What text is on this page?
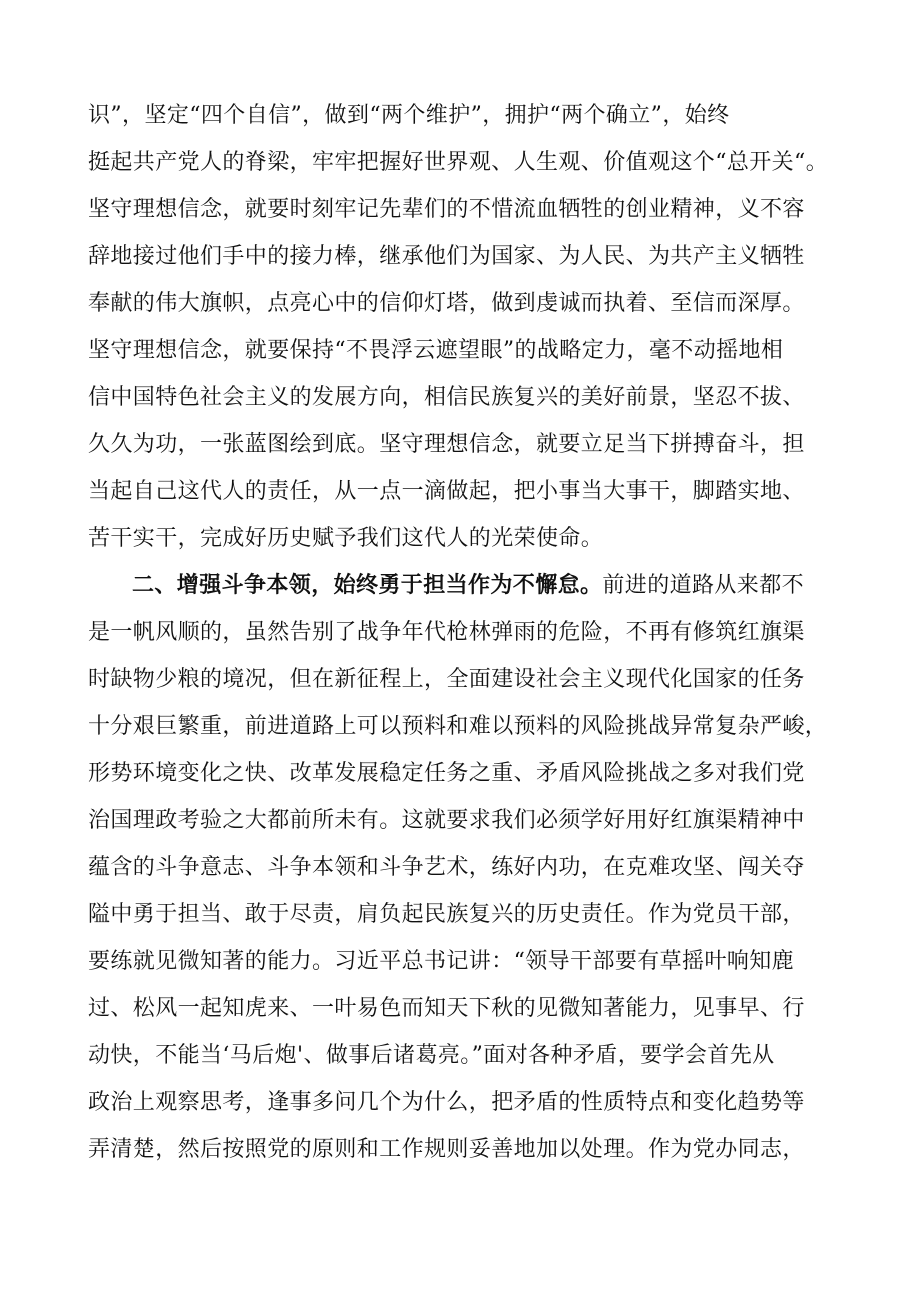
识”，坚定“四个自信”，做到“两个维护”，拥护“两个确立”，始终
挺起共产党人的脊梁，牢牢把握好世界观、人生观、价值观这个“总开关“。
坚守理想信念，就要时刻牢记先辈们的不惜流血牺牲的创业精神，义不容
辞地接过他们手中的接力棒，继承他们为国家、为人民、为共产主义牺牲
奉献的伟大旗帜，点亮心中的信仰灯塔，做到虔诚而执着、至信而深厚。
坚守理想信念，就要保持“不畏浮云遮望眼”的战略定力，毫不动摇地相
信中国特色社会主义的发展方向，相信民族复兴的美好前景，坚忍不拔、
久久为功，一张蓝图绘到底。坚守理想信念，就要立足当下拼搏奋斗，担
当起自己这代人的责任，从一点一滴做起，把小事当大事干，脚踏实地、
苦干实干，完成好历史赋予我们这代人的光荣使命。
二、增强斗争本领，始终勇于担当作为不懈怠。前进的道路从来都不
是一帆风顺的，虽然告别了战争年代枪林弹雨的危险，不再有修筑红旗渠
时缺物少粮的境况，但在新征程上，全面建设社会主义现代化国家的任务
十分艰巨繁重，前进道路上可以预料和难以预料的风险挑战异常复杂严峻，
形势环境变化之快、改革发展稳定任务之重、矛盾风险挑战之多对我们党
治国理政考验之大都前所未有。这就要求我们必须学好用好红旗渠精神中
蕴含的斗争意志、斗争本领和斗争艺术，练好内功，在克难攻坚、闯关夺
隘中勇于担当、敢于尽责，肩负起民族复兴的历史责任。作为党员干部，
要练就见微知著的能力。习近平总书记讲：“领导干部要有草摇叶响知鹿
过、松风一起知虎来、一叶易色而知天下秋的见微知著能力，见事早、行
动快，不能当‘马后炮'、做事后诸葛亮。”面对各种矛盾，要学会首先从
政治上观察思考，逢事多问几个为什么，把矛盾的性质特点和变化趋势等
弄清楚，然后按照党的原则和工作规则妥善地加以处理。作为党办同志，
